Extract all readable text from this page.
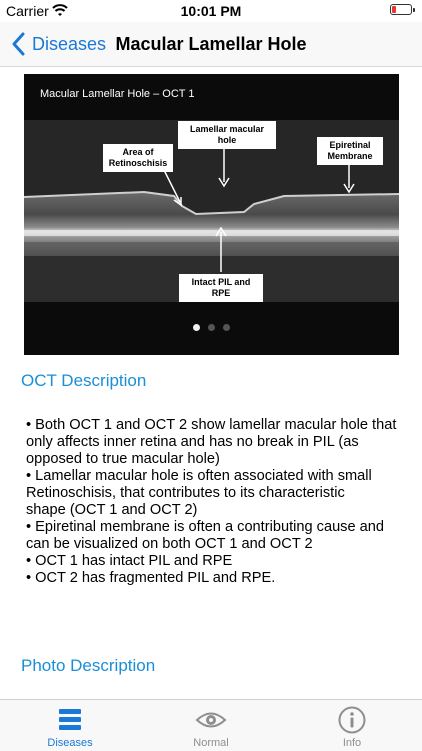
Carrier	10:01 PM
Diseases Macular Lamellar Hole
Macular Lamellar Hole – OCT 1
Lamellar macular hole
Area of
Retinoschisis
Epiretinal
Membrane
Intact PIL and RPE
OCT Description
• Both OCT 1 and OCT 2 show lamellar macular hole that
only affects inner retina and has no break in PIL (as
opposed to true macular hole)
• Lamellar macular hole is often associated with small
Retinoschisis, that contributes to its characteristic
shape (OCT 1 and OCT 2)
• Epiretinal membrane is often a contributing cause and
can be visualized on both OCT 1 and OCT 2
• OCT 1 has intact PIL and RPE
• OCT 2 has fragmented PIL and RPE.
Photo Description
Diseases	Normal	Info
